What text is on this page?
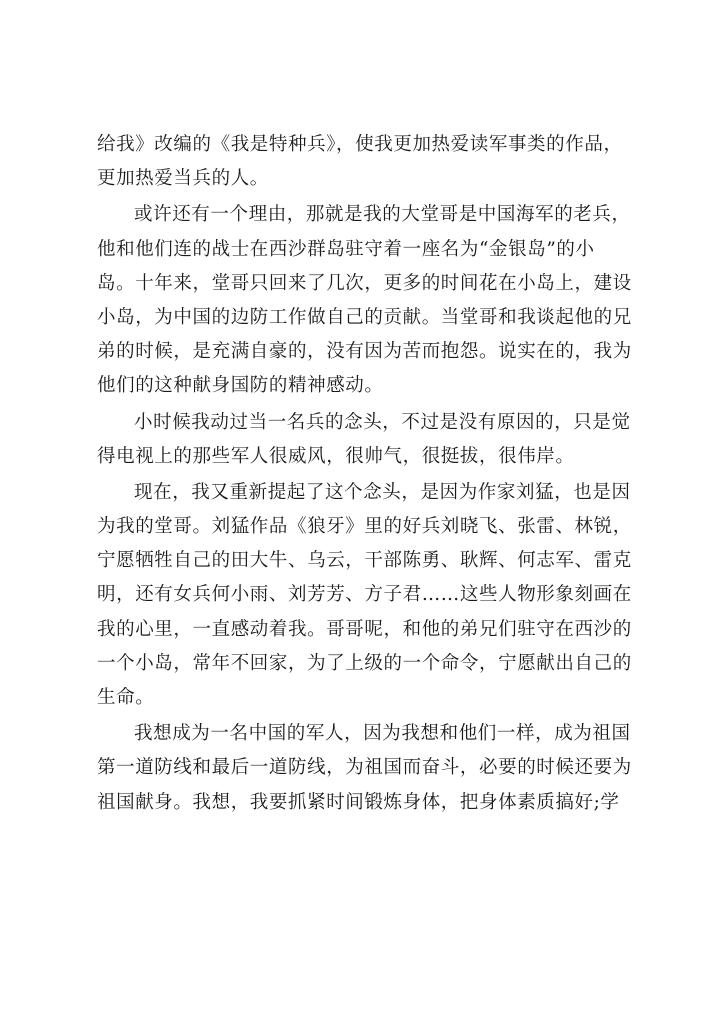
给我》改编的《我是特种兵》，使我更加热爱读军事类的作品，
更加热爱当兵的人。
或许还有一个理由，那就是我的大堂哥是中国海军的老兵，
他和他们连的战士在西沙群岛驻守着一座名为“金银岛”的小
岛。十年来，堂哥只回来了几次，更多的时间花在小岛上，建设
小岛，为中国的边防工作做自己的贡献。当堂哥和我谈起他的兄
弟的时候，是充满自豪的，没有因为苦而抱怨。说实在的，我为
他们的这种献身国防的精神感动。
小时候我动过当一名兵的念头，不过是没有原因的，只是觉
得电视上的那些军人很威风，很帅气，很挺拔，很伟岸。
现在，我又重新提起了这个念头，是因为作家刘猛，也是因
为我的堂哥。刘猛作品《狼牙》里的好兵刘晓飞、张雷、林锐，
宁愿牺牲自己的田大牛、乌云，干部陈勇、耿辉、何志军、雷克
明，还有女兵何小雨、刘芳芳、方子君……这些人物形象刻画在
我的心里，一直感动着我。哥哥呢，和他的弟兄们驻守在西沙的
一个小岛，常年不回家，为了上级的一个命令，宁愿献出自己的
生命。
我想成为一名中国的军人，因为我想和他们一样，成为祖国
第一道防线和最后一道防线，为祖国而奋斗，必要的时候还要为
祖国献身。我想，我要抓紧时间锻炼身体，把身体素质搞好;学
